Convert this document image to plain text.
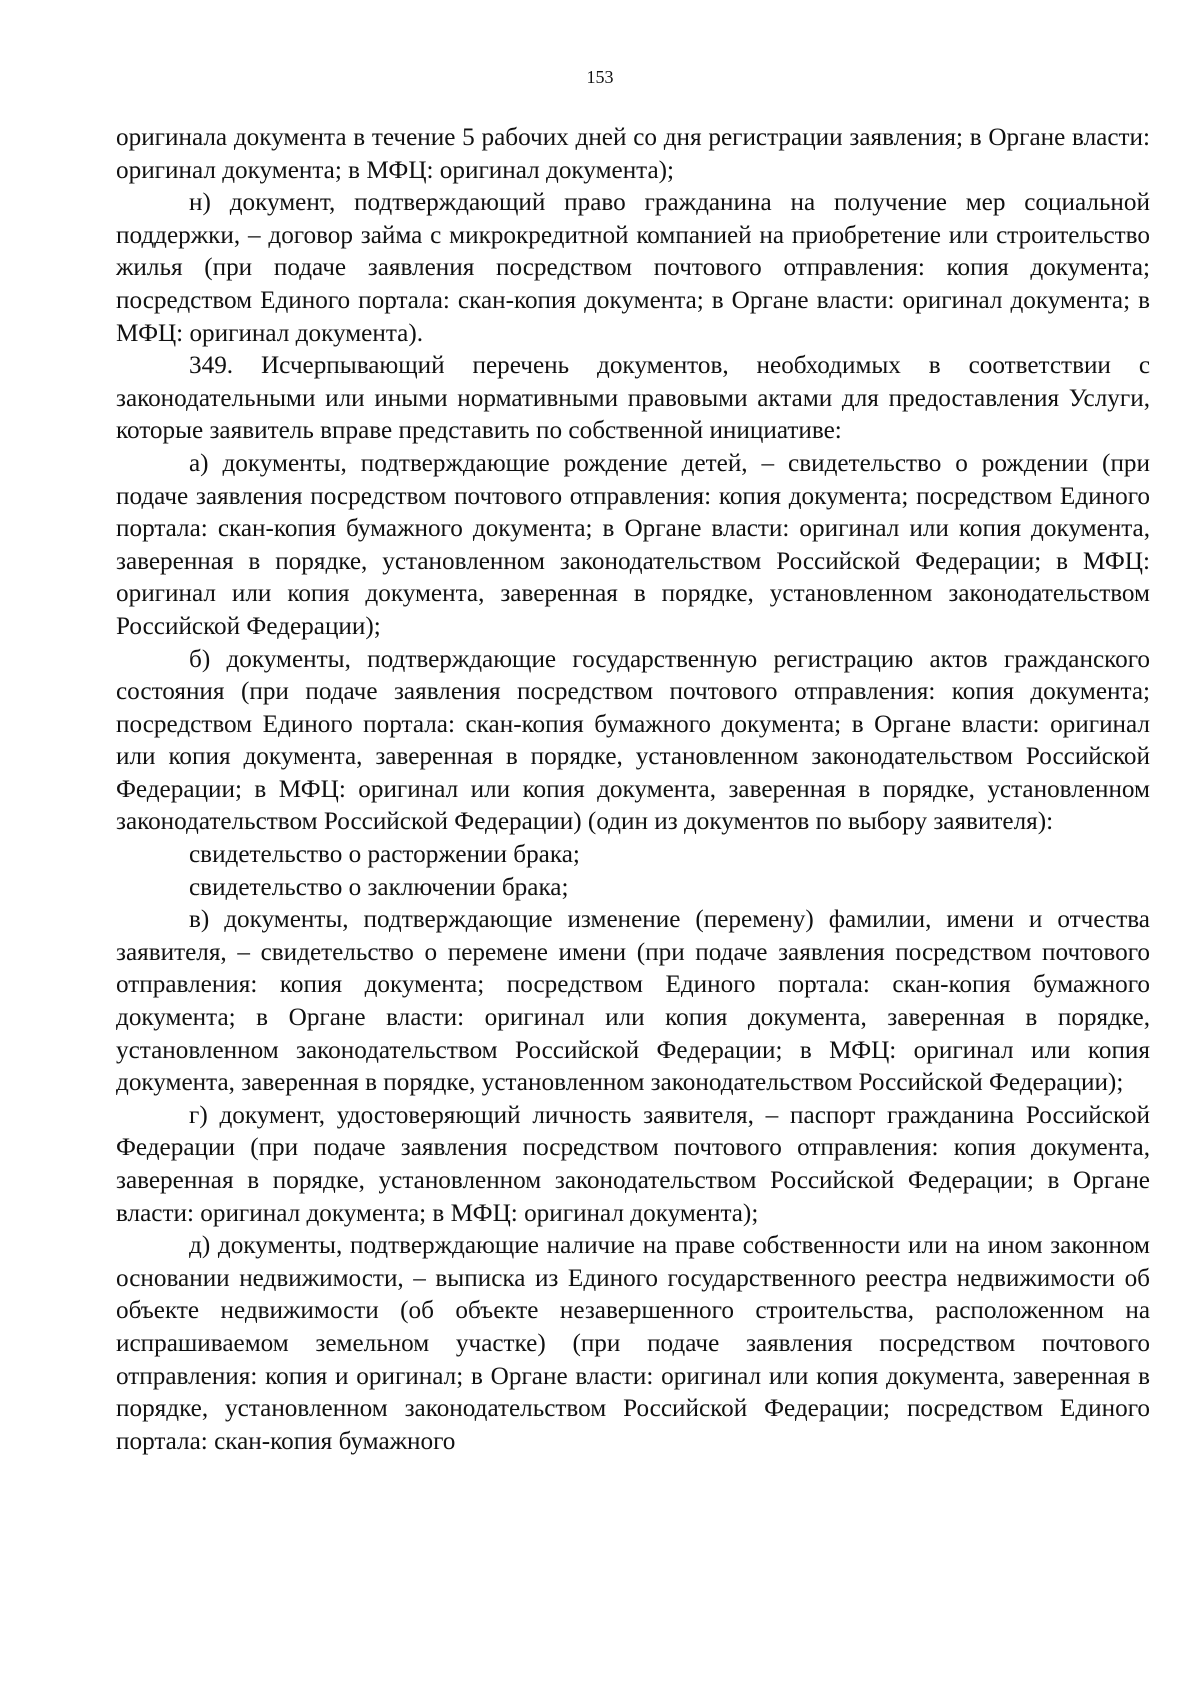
153

оригинала документа в течение 5 рабочих дней со дня регистрации заявления; в Органе власти: оригинал документа; в МФЦ: оригинал документа);

н) документ, подтверждающий право гражданина на получение мер социальной поддержки, – договор займа с микрокредитной компанией на приобретение или строительство жилья (при подаче заявления посредством почтового отправления: копия документа; посредством Единого портала: скан-копия документа; в Органе власти: оригинал документа; в МФЦ: оригинал документа).

349. Исчерпывающий перечень документов, необходимых в соответствии с законодательными или иными нормативными правовыми актами для предоставления Услуги, которые заявитель вправе представить по собственной инициативе:

а) документы, подтверждающие рождение детей, – свидетельство о рождении (при подаче заявления посредством почтового отправления: копия документа; посредством Единого портала: скан-копия бумажного документа; в Органе власти: оригинал или копия документа, заверенная в порядке, установленном законодательством Российской Федерации; в МФЦ: оригинал или копия документа, заверенная в порядке, установленном законодательством Российской Федерации);

б) документы, подтверждающие государственную регистрацию актов гражданского состояния (при подаче заявления посредством почтового отправления: копия документа; посредством Единого портала: скан-копия бумажного документа; в Органе власти: оригинал или копия документа, заверенная в порядке, установленном законодательством Российской Федерации; в МФЦ: оригинал или копия документа, заверенная в порядке, установленном законодательством Российской Федерации) (один из документов по выбору заявителя):

свидетельство о расторжении брака;

свидетельство о заключении брака;

в) документы, подтверждающие изменение (перемену) фамилии, имени и отчества заявителя, – свидетельство о перемене имени (при подаче заявления посредством почтового отправления: копия документа; посредством Единого портала: скан-копия бумажного документа; в Органе власти: оригинал или копия документа, заверенная в порядке, установленном законодательством Российской Федерации; в МФЦ: оригинал или копия документа, заверенная в порядке, установленном законодательством Российской Федерации);

г) документ, удостоверяющий личность заявителя, – паспорт гражданина Российской Федерации (при подаче заявления посредством почтового отправления: копия документа, заверенная в порядке, установленном законодательством Российской Федерации; в Органе власти: оригинал документа; в МФЦ: оригинал документа);

д) документы, подтверждающие наличие на праве собственности или на ином законном основании недвижимости, – выписка из Единого государственного реестра недвижимости об объекте недвижимости (об объекте незавершенного строительства, расположенном на испрашиваемом земельном участке) (при подаче заявления посредством почтового отправления: копия и оригинал; в Органе власти: оригинал или копия документа, заверенная в порядке, установленном законодательством Российской Федерации; посредством Единого портала: скан-копия бумажного
